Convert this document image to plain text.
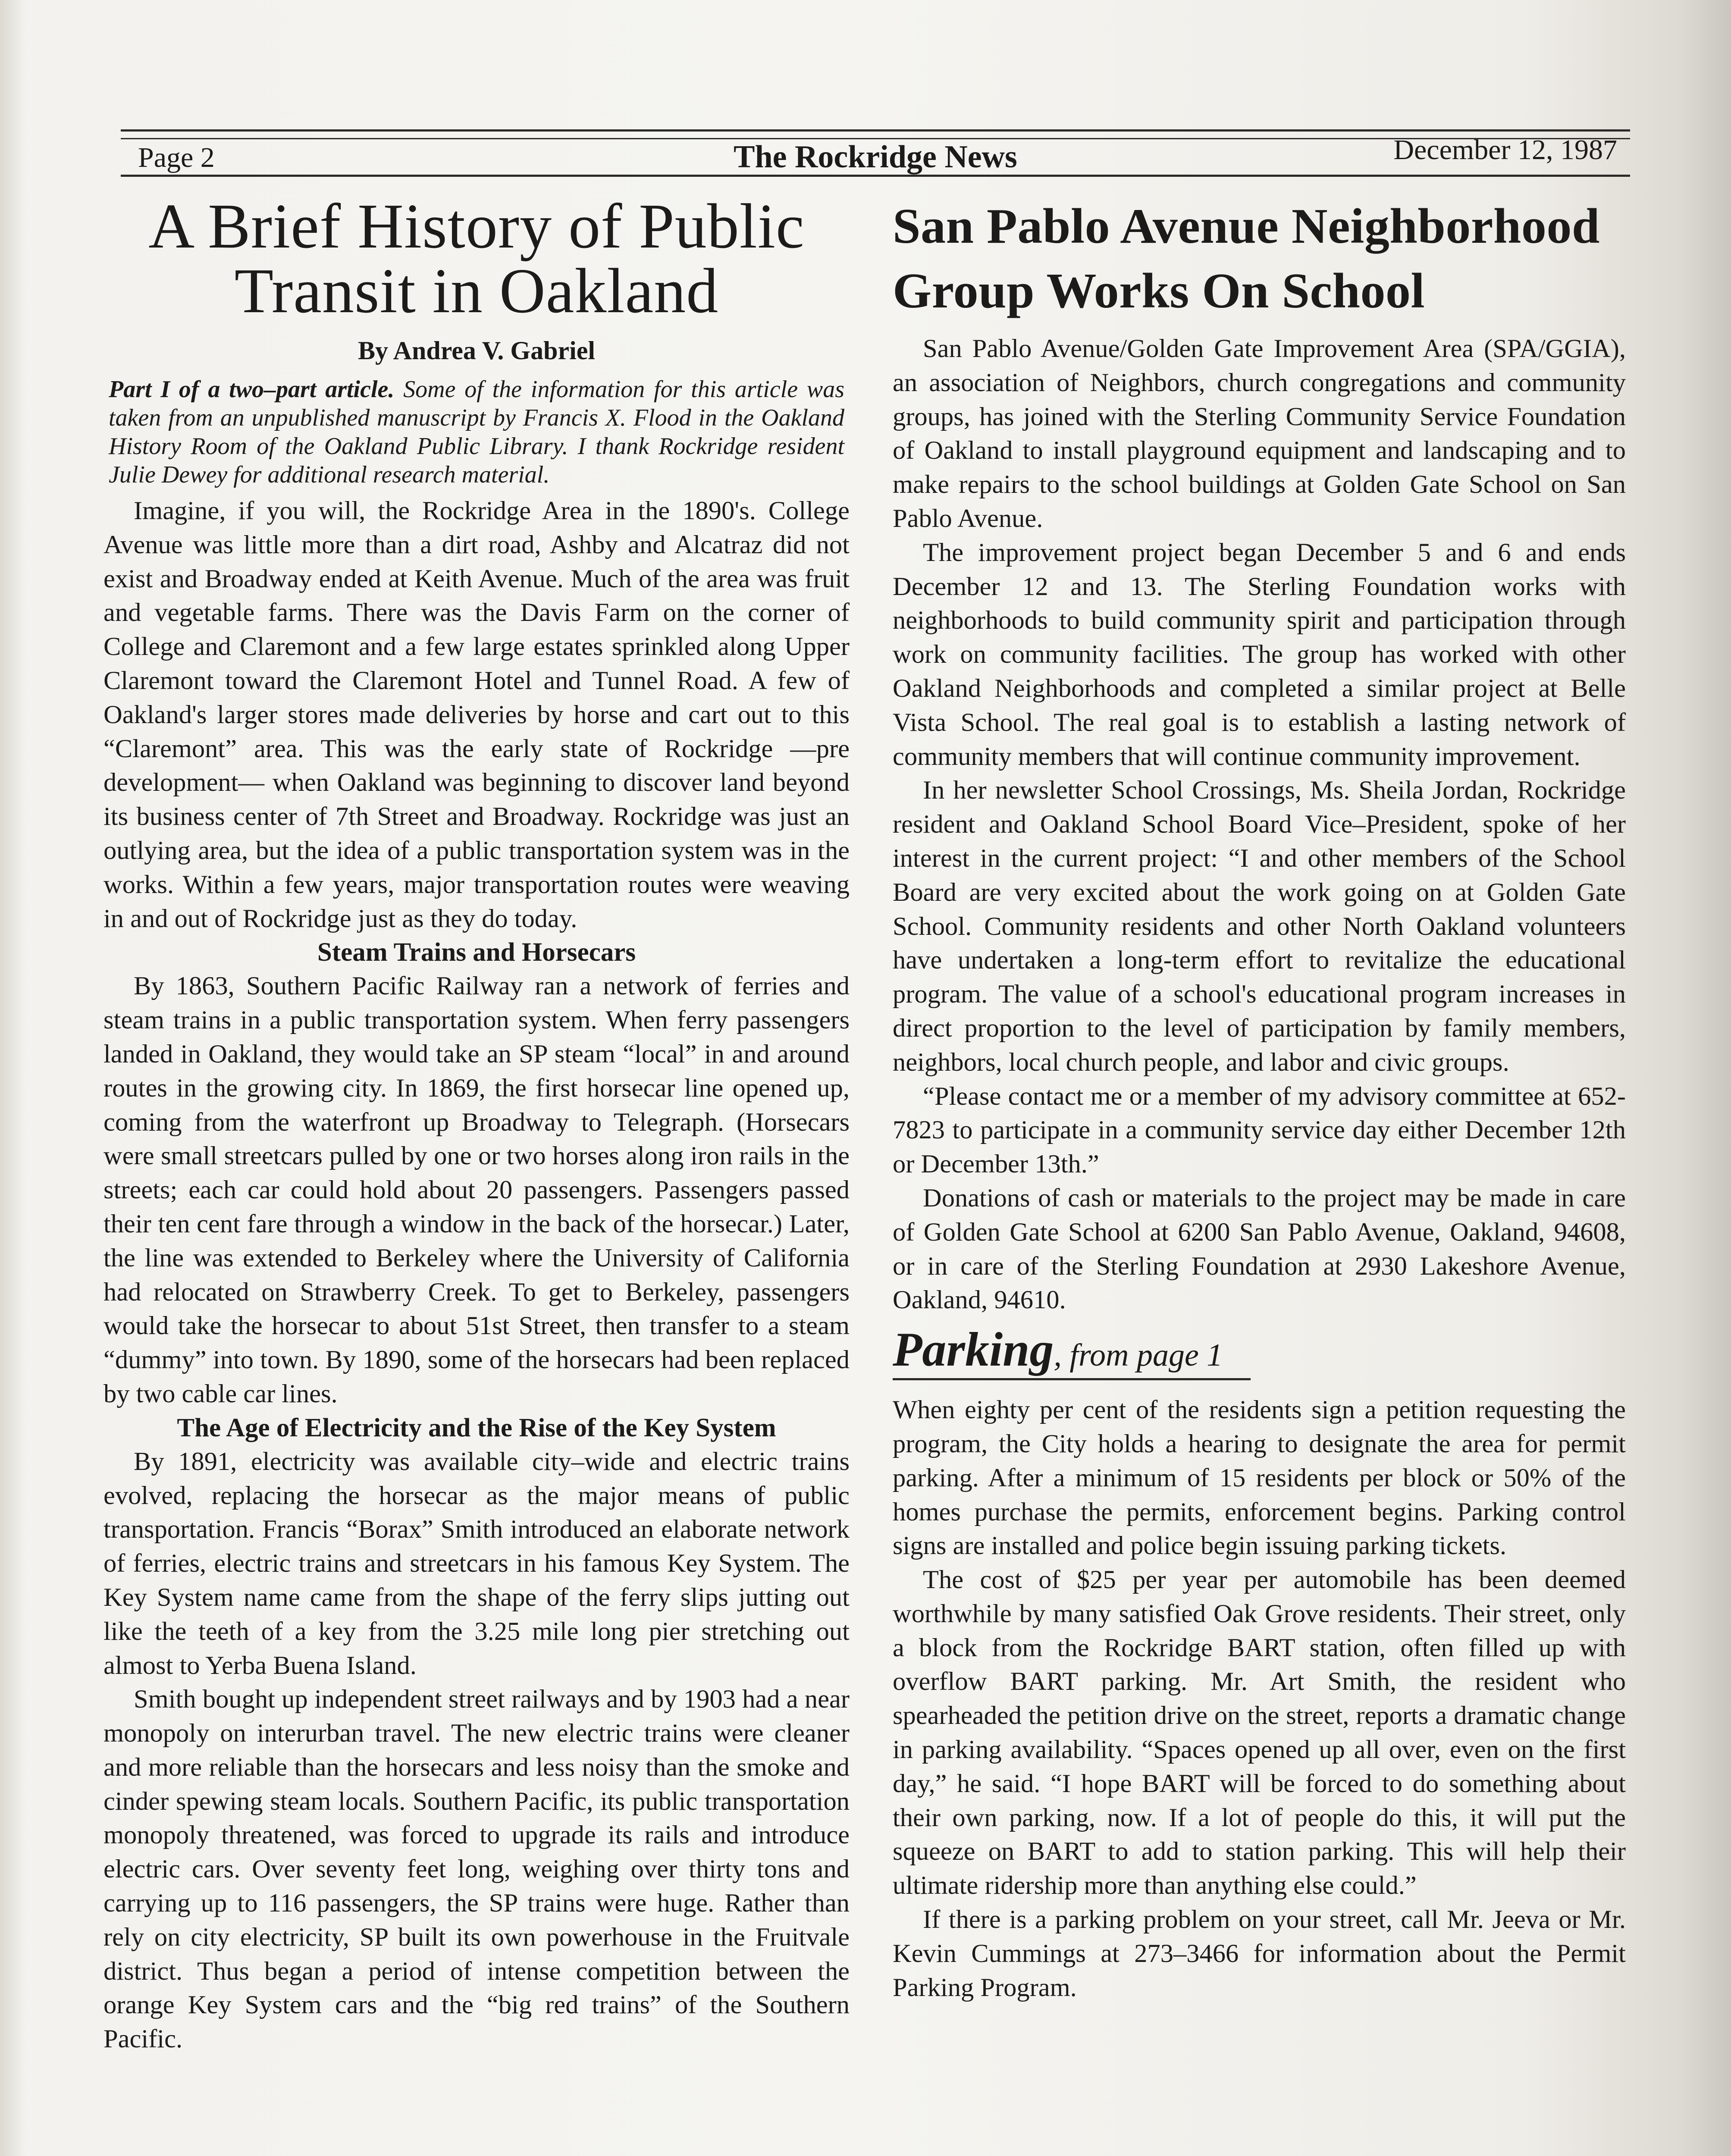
Page 2	The Rockridge News	December 12, 1987
A Brief History of Public
Transit in Oakland
By Andrea V. Gabriel
Part I of a two–part article. Some of the information for this article was taken from an unpublished manuscript by Francis X. Flood in the Oakland History Room of the Oakland Public Library. I thank Rockridge resident Julie Dewey for additional research material.

Imagine, if you will, the Rockridge Area in the 1890's. College Avenue was little more than a dirt road, Ashby and Alcatraz did not exist and Broadway ended at Keith Avenue. Much of the area was fruit and vegetable farms. There was the Davis Farm on the corner of College and Claremont and a few large estates sprinkled along Upper Claremont toward the Claremont Hotel and Tunnel Road. A few of Oakland's larger stores made deliveries by horse and cart out to this “Claremont” area. This was the early state of Rockridge —pre development— when Oakland was beginning to discover land beyond its business center of 7th Street and Broadway. Rockridge was just an outlying area, but the idea of a public transportation system was in the works. Within a few years, major transportation routes were weaving in and out of Rockridge just as they do today.

Steam Trains and Horsecars

By 1863, Southern Pacific Railway ran a network of ferries and steam trains in a public transportation system. When ferry passengers landed in Oakland, they would take an SP steam “local” in and around routes in the growing city. In 1869, the first horsecar line opened up, coming from the waterfront up Broadway to Telegraph. (Horsecars were small streetcars pulled by one or two horses along iron rails in the streets; each car could hold about 20 passengers. Passengers passed their ten cent fare through a window in the back of the horsecar.) Later, the line was extended to Berkeley where the University of California had relocated on Strawberry Creek. To get to Berkeley, passengers would take the horsecar to about 51st Street, then transfer to a steam “dummy” into town. By 1890, some of the horsecars had been replaced by two cable car lines.

The Age of Electricity and the Rise of the Key System

By 1891, electricity was available city–wide and electric trains evolved, replacing the horsecar as the major means of public transportation. Francis “Borax” Smith introduced an elaborate network of ferries, electric trains and streetcars in his famous Key System. The Key System name came from the shape of the ferry slips jutting out like the teeth of a key from the 3.25 mile long pier stretching out almost to Yerba Buena Island.

Smith bought up independent street railways and by 1903 had a near monopoly on interurban travel. The new electric trains were cleaner and more reliable than the horsecars and less noisy than the smoke and cinder spewing steam locals. Southern Pacific, its public transportation monopoly threatened, was forced to upgrade its rails and introduce electric cars. Over seventy feet long, weighing over thirty tons and carrying up to 116 passengers, the SP trains were huge. Rather than rely on city electricity, SP built its own powerhouse in the Fruitvale district. Thus began a period of intense competition between the orange Key System cars and the “big red trains” of the Southern Pacific.

San Pablo Avenue Neighborhood
Group Works On School

San Pablo Avenue/Golden Gate Improvement Area (SPA/GGIA), an association of Neighbors, church congregations and community groups, has joined with the Sterling Community Service Foundation of Oakland to install playground equipment and landscaping and to make repairs to the school buildings at Golden Gate School on San Pablo Avenue.

The improvement project began December 5 and 6 and ends December 12 and 13. The Sterling Foundation works with neighborhoods to build community spirit and participation through work on community facilities. The group has worked with other Oakland Neighborhoods and completed a similar project at Belle Vista School. The real goal is to establish a lasting network of community members that will continue community improvement.

In her newsletter School Crossings, Ms. Sheila Jordan, Rockridge resident and Oakland School Board Vice–President, spoke of her interest in the current project: “I and other members of the School Board are very excited about the work going on at Golden Gate School. Community residents and other North Oakland volunteers have undertaken a long-term effort to revitalize the educational program. The value of a school's educational program increases in direct proportion to the level of participation by family members, neighbors, local church people, and labor and civic groups.

“Please contact me or a member of my advisory committee at 652-7823 to participate in a community service day either December 12th or December 13th.”

Donations of cash or materials to the project may be made in care of Golden Gate School at 6200 San Pablo Avenue, Oakland, 94608, or in care of the Sterling Foundation at 2930 Lakeshore Avenue, Oakland, 94610.

Parking, from page 1

When eighty per cent of the residents sign a petition requesting the program, the City holds a hearing to designate the area for permit parking. After a minimum of 15 residents per block or 50% of the homes purchase the permits, enforcement begins. Parking control signs are installed and police begin issuing parking tickets.

The cost of $25 per year per automobile has been deemed worthwhile by many satisfied Oak Grove residents. Their street, only a block from the Rockridge BART station, often filled up with overflow BART parking. Mr. Art Smith, the resident who spearheaded the petition drive on the street, reports a dramatic change in parking availability. “Spaces opened up all over, even on the first day,” he said. “I hope BART will be forced to do something about their own parking, now. If a lot of people do this, it will put the squeeze on BART to add to station parking. This will help their ultimate ridership more than anything else could.”

If there is a parking problem on your street, call Mr. Jeeva or Mr. Kevin Cummings at 273–3466 for information about the Permit Parking Program.
